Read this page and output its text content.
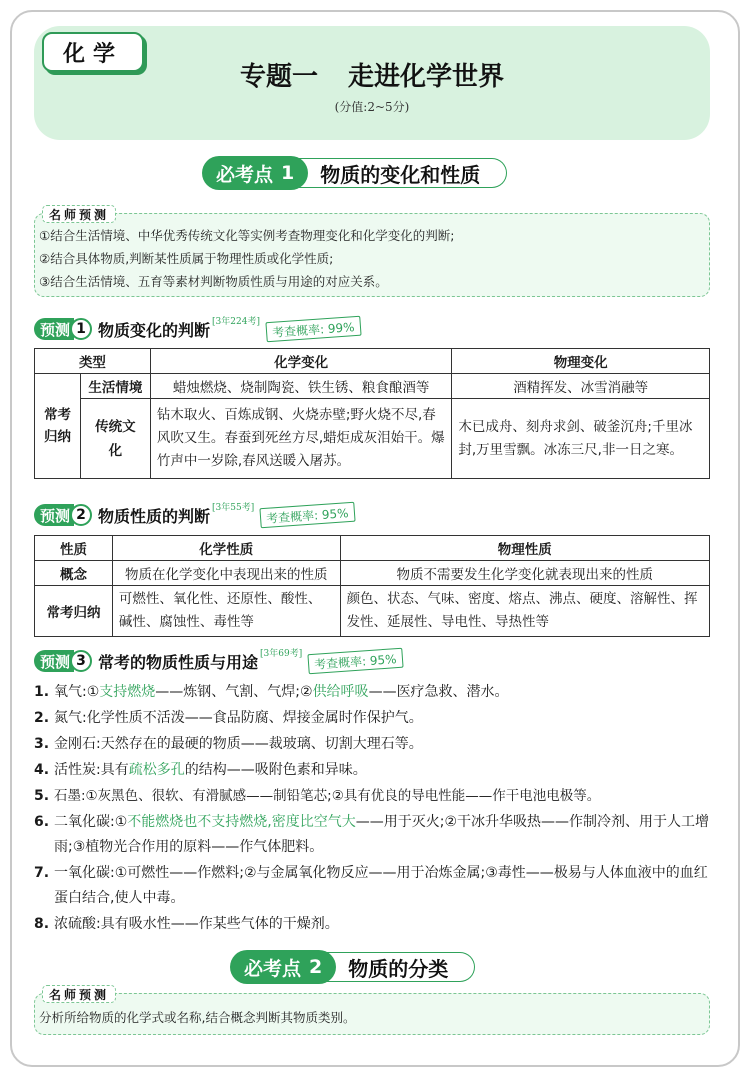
化学
专题一 走进化学世界
(分值:2~5分)
必考点 1	物质的变化和性质
名师预测
①结合生活情境、中华优秀传统文化等实例考查物理变化和化学变化的判断;
②结合具体物质,判断某性质属于物理性质或化学性质;
③结合生活情境、五育等素材判断物质性质与用途的对应关系。
预测 1 物质变化的判断 [3年224考] 考查概率: 99%
类型		化学变化	物理变化
常考归纳	生活情境	蜡烛燃烧、烧制陶瓷、铁生锈、粮食酿酒等	酒精挥发、冰雪消融等
	传统文化	钻木取火、百炼成钢、火烧赤壁;野火烧不尽,春风吹又生。春蚕到死丝方尽,蜡炬成灰泪始干。爆竹声中一岁除,春风送暖入屠苏。	木已成舟、刻舟求剑、破釜沉舟;千里冰封,万里雪飘。冰冻三尺,非一日之寒。
预测 2 物质性质的判断 [3年55考] 考查概率: 95%
性质	化学性质	物理性质
概念	物质在化学变化中表现出来的性质	物质不需要发生化学变化就表现出来的性质
常考归纳	可燃性、氧化性、还原性、酸性、碱性、腐蚀性、毒性等	颜色、状态、气味、密度、熔点、沸点、硬度、溶解性、挥发性、延展性、导电性、导热性等
预测 3 常考的物质性质与用途 [3年69考] 考查概率: 95%
1. 氧气:①支持燃烧——炼钢、气割、气焊;②供给呼吸——医疗急救、潜水。
2. 氮气:化学性质不活泼——食品防腐、焊接金属时作保护气。
3. 金刚石:天然存在的最硬的物质——裁玻璃、切割大理石等。
4. 活性炭:具有疏松多孔的结构——吸附色素和异味。
5. 石墨:①灰黑色、很软、有滑腻感——制铅笔芯;②具有优良的导电性能——作干电池电极等。
6. 二氧化碳:①不能燃烧也不支持燃烧,密度比空气大——用于灭火;②干冰升华吸热——作制冷剂、用于人工增雨;③植物光合作用的原料——作气体肥料。
7. 一氧化碳:①可燃性——作燃料;②与金属氧化物反应——用于冶炼金属;③毒性——极易与人体血液中的血红蛋白结合,使人中毒。
8. 浓硫酸:具有吸水性——作某些气体的干燥剂。
必考点 2	物质的分类
名师预测
分析所给物质的化学式或名称,结合概念判断其物质类别。
